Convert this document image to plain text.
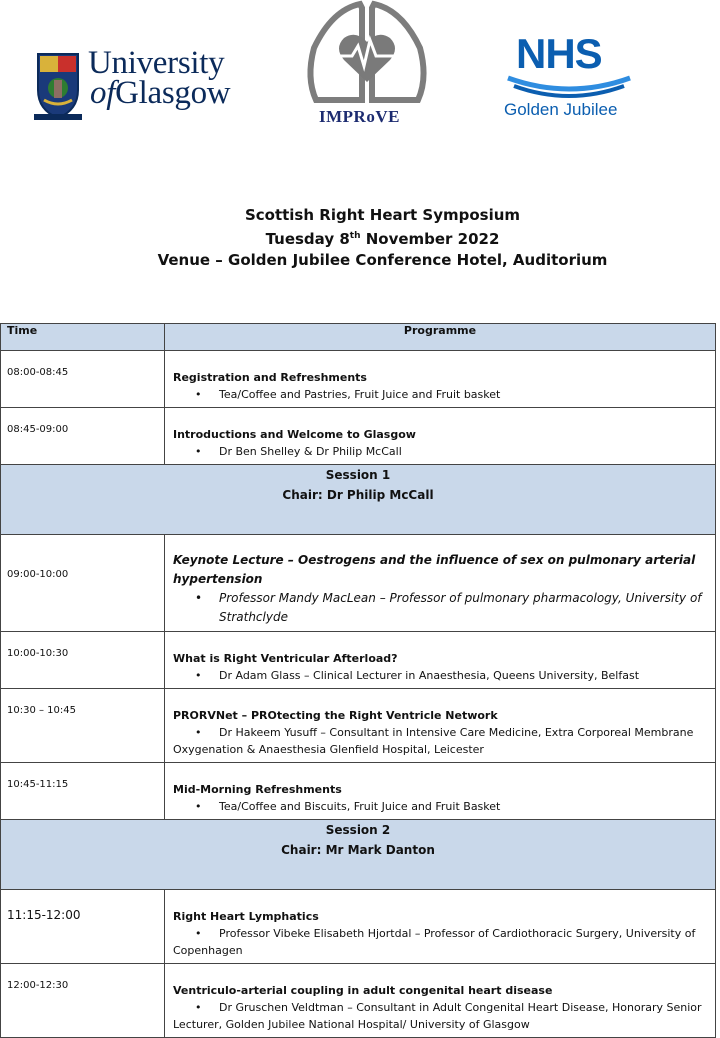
University
ofGlasgow
IMPRoVE
NHS
Golden Jubilee
Scottish Right Heart Symposium
Tuesday 8th November 2022
Venue – Golden Jubilee Conference Hotel, Auditorium
Time	Programme
08:00-08:45	Registration and Refreshments
• Tea/Coffee and Pastries, Fruit Juice and Fruit basket

08:45-09:00	Introductions and Welcome to Glasgow
• Dr Ben Shelley & Dr Philip McCall

Session 1
Chair: Dr Philip McCall	

09:00-10:00	Keynote Lecture – Oestrogens and the influence of sex on pulmonary arterial hypertension
• Professor Mandy MacLean – Professor of pulmonary pharmacology, University of Strathclyde

10:00-10:30	What is Right Ventricular Afterload?
• Dr Adam Glass – Clinical Lecturer in Anaesthesia, Queens University, Belfast

10:30 – 10:45	PRORVNet – PROtecting the Right Ventricle Network
• Dr Hakeem Yusuff – Consultant in Intensive Care Medicine, Extra Corporeal Membrane Oxygenation & Anaesthesia Glenfield Hospital, Leicester

10:45-11:15	Mid-Morning Refreshments
• Tea/Coffee and Biscuits, Fruit Juice and Fruit Basket

Session 2
Chair: Mr Mark Danton	

11:15-12:00	Right Heart Lymphatics
• Professor Vibeke Elisabeth Hjortdal – Professor of Cardiothoracic Surgery, University of Copenhagen

12:00-12:30	Ventriculo-arterial coupling in adult congenital heart disease
• Dr Gruschen Veldtman – Consultant in Adult Congenital Heart Disease, Honorary Senior Lecturer, Golden Jubilee National Hospital/ University of Glasgow
